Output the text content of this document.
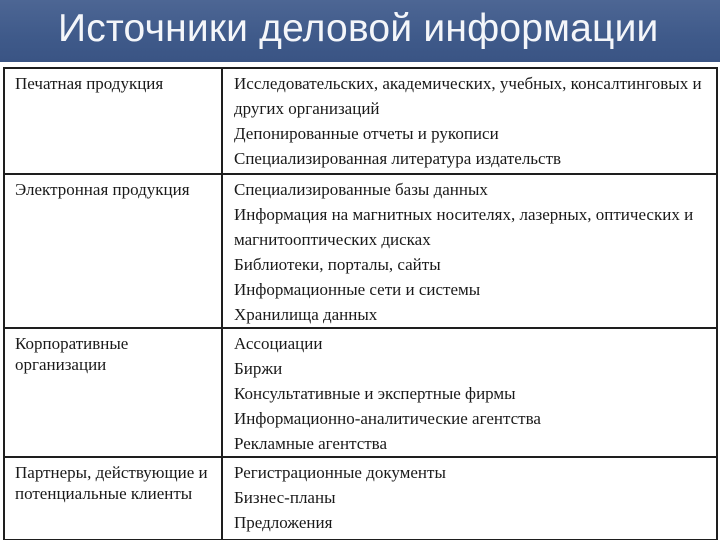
Источники деловой информации
Печатная продукция	Исследовательских, академических, учебных, консалтинговых и других организаций
Депонированные отчеты и рукописи
Специализированная литература издательств

Электронная продукция	Специализированные базы данных
Информация на магнитных носителях, лазерных, оптических и магнитооптических дисках
Библиотеки, порталы, сайты
Информационные сети и системы
Хранилища данных

Корпоративные организации	Ассоциации
Биржи
Консультативные и экспертные фирмы
Информационно-аналитические агентства
Рекламные агентства

Партнеры, действующие и потенциальные клиенты	Регистрационные документы
Бизнес-планы
Предложения
